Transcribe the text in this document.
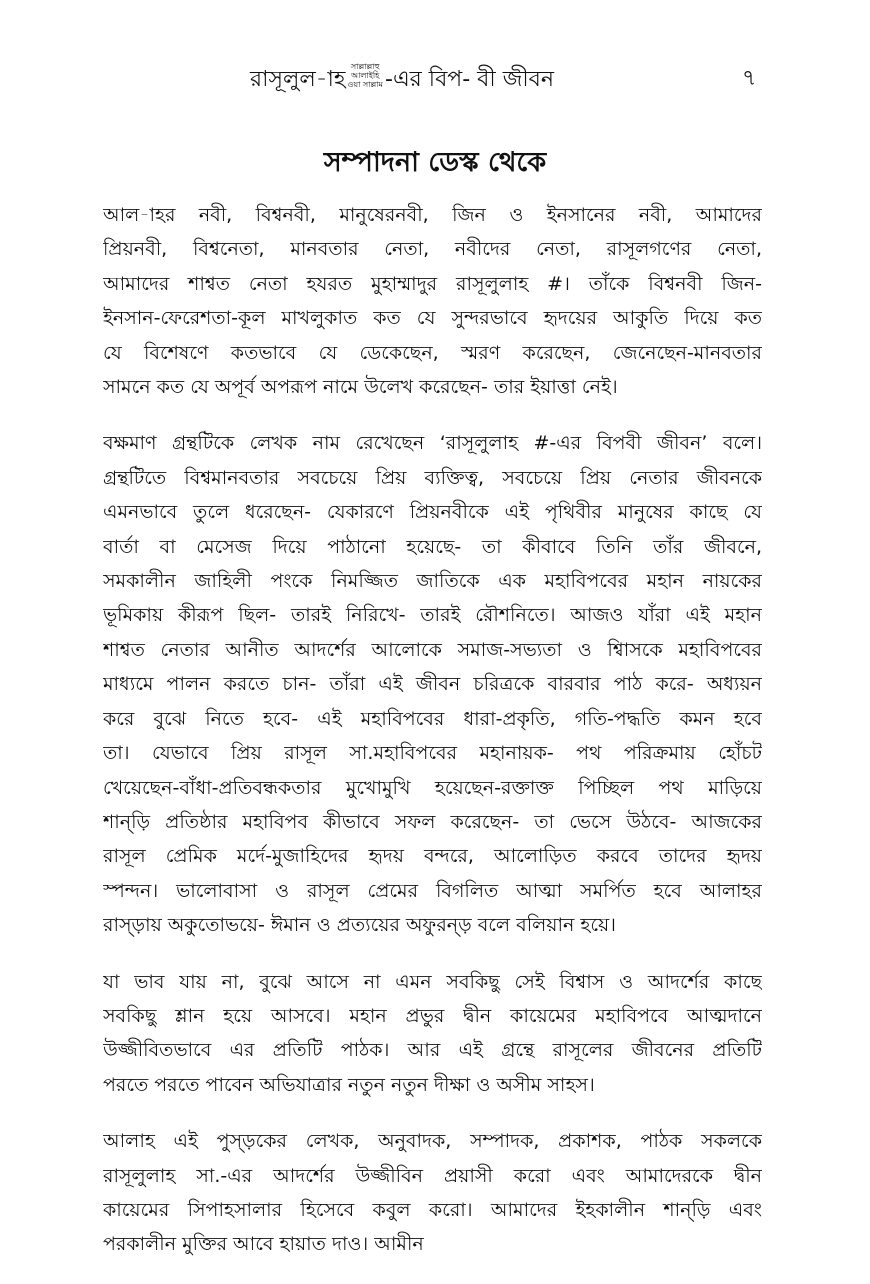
রাসূলুল-াহ সাল্লাল্লাহু
আলাইহি
ওয়া সাল্লাম -এর বিপ- বী জীবন	৭
সম্পাদনা ডেস্ক থেকে
আল-াহর নবী, বিশ্বনবী, মানুষেরনবী, জিন ও ইনসানের নবী, আমাদের
প্রিয়নবী, বিশ্বনেতা, মানবতার নেতা, নবীদের নেতা, রাসূলগণের নেতা,
আমাদের শাশ্বত নেতা হযরত মুহাম্মাদুর রাসূলুলাহ #। তাঁকে বিশ্বনবী জিন-
ইনসান-ফেরেশতা-কূল মাখলুকাত কত যে সুন্দরভাবে হৃদয়ের আকুতি দিয়ে কত
যে বিশেষণে কতভাবে যে ডেকেছেন, স্মরণ করেছেন, জেনেছেন-মানবতার
সামনে কত যে অপূর্ব অপরূপ নামে উলেখ করেছেন- তার ইয়াত্তা নেই।
বক্ষমাণ গ্রন্থটিকে লেখক নাম রেখেছেন ‘রাসূলুলাহ #-এর বিপবী জীবন’ বলে।
গ্রন্থটিতে বিশ্বমানবতার সবচেয়ে প্রিয় ব্যক্তিত্ব, সবচেয়ে প্রিয় নেতার জীবনকে
এমনভাবে তুলে ধরেছেন- যেকারণে প্রিয়নবীকে এই পৃথিবীর মানুষের কাছে যে
বার্তা বা মেসেজ দিয়ে পাঠানো হয়েছে- তা কীবাবে তিনি তাঁর জীবনে,
সমকালীন জাহিলী পংকে নিমজ্জিত জাতিকে এক মহাবিপবের মহান নায়কের
ভূমিকায় কীরূপ ছিল- তারই নিরিখে- তারই রৌশনিতে। আজও যাঁরা এই মহান
শাশ্বত নেতার আনীত আদর্শের আলোকে সমাজ-সভ্যতা ও শ্বিাসকে মহাবিপবের
মাধ্যমে পালন করতে চান- তাঁরা এই জীবন চরিত্রকে বারবার পাঠ করে- অধ্যয়ন
করে বুঝে নিতে হবে- এই মহাবিপবের ধারা-প্রকৃতি, গতি-পদ্ধতি কমন হবে
তা। যেভাবে প্রিয় রাসূল সা.মহাবিপবের মহানায়ক- পথ পরিক্রমায় হোঁচট
খেয়েছেন-বাঁধা-প্রতিবন্ধকতার মুখোমুখি হয়েছেন-রক্তাক্ত পিচ্ছিল পথ মাড়িয়ে
শান্‌ড়ি প্রতিষ্ঠার মহাবিপব কীভাবে সফল করেছেন- তা ভেসে উঠবে- আজকের
রাসূল প্রেমিক মর্দে-মুজাহিদের হৃদয় বন্দরে, আলোড়িত করবে তাদের হৃদয়
স্পন্দন। ভালোবাসা ও রাসূল প্রেমের বিগলিত আত্মা সমর্পিত হবে আলাহর
রাস্‌ড়ায় অকুতোভয়ে- ঈমান ও প্রত্যয়ের অফুরন্‌ড় বলে বলিয়ান হয়ে।
যা ভাব যায় না, বুঝে আসে না এমন সবকিছু সেই বিশ্বাস ও আদর্শের কাছে
সবকিছু শ্লান হয়ে আসবে। মহান প্রভুর দ্বীন কায়েমের মহাবিপবে আত্মদানে
উজ্জীবিতভাবে এর প্রতিটি পাঠক। আর এই গ্রন্থে রাসূলের জীবনের প্রতিটি
পরতে পরতে পাবেন অভিযাত্রার নতুন নতুন দীক্ষা ও অসীম সাহস।
আলাহ এই পুস্‌ড়কের লেখক, অনুবাদক, সম্পাদক, প্রকাশক, পাঠক সকলকে
রাসূলুলাহ সা.-এর আদর্শের উজ্জীবিন প্রয়াসী করো এবং আমাদেরকে দ্বীন
কায়েমের সিপাহসালার হিসেবে কবুল করো। আমাদের ইহকালীন শান্‌ড়ি এবং
পরকালীন মুক্তির আবে হায়াত দাও। আমীন
